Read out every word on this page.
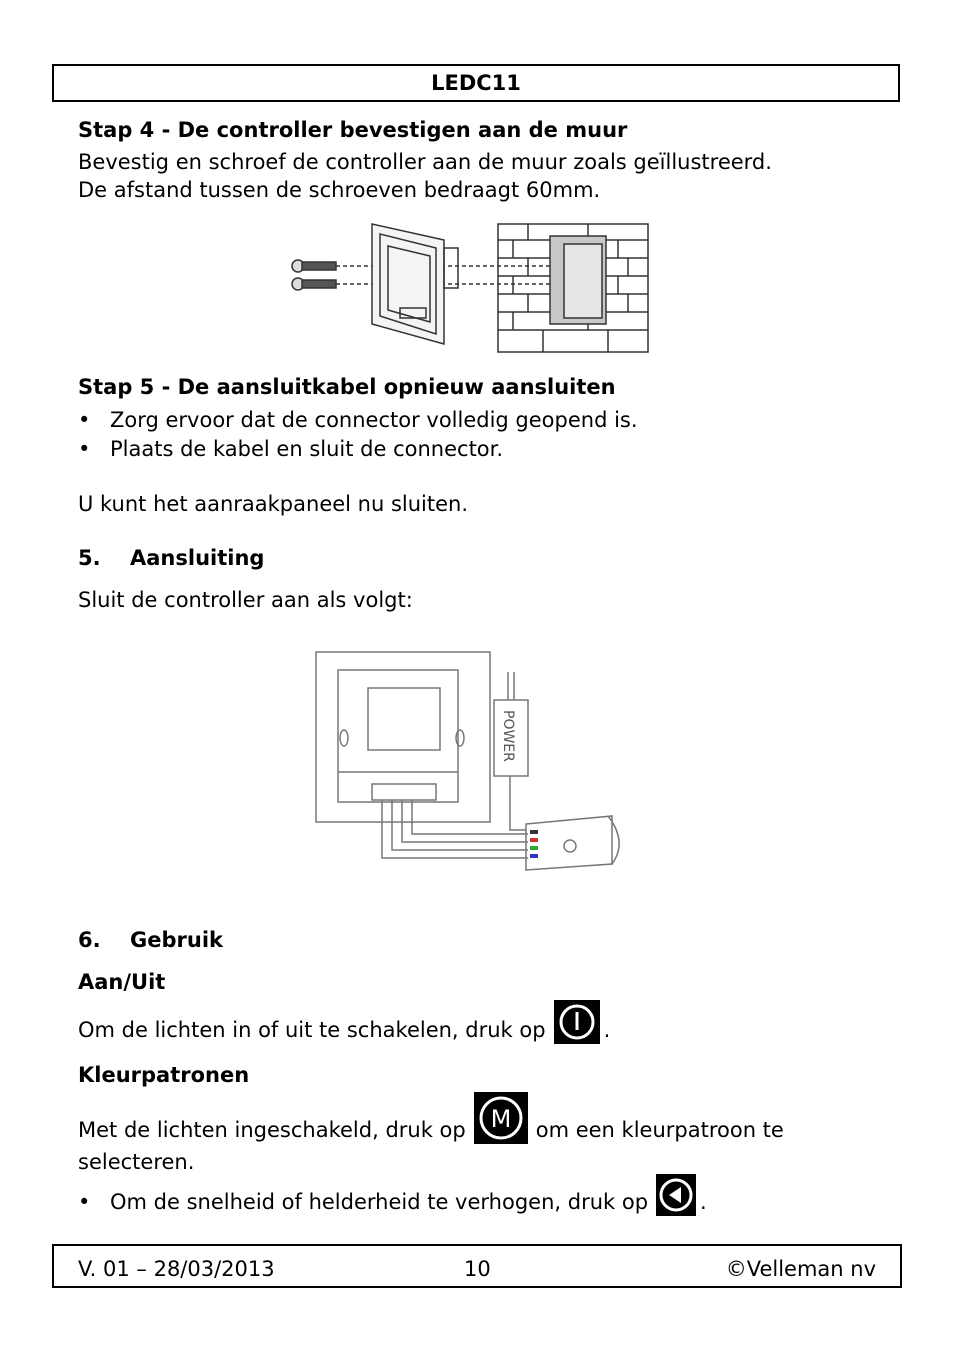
LEDC11
Stap 4 - De controller bevestigen aan de muur
Bevestig en schroef de controller aan de muur zoals geïllustreerd.
De afstand tussen de schroeven bedraagt 60mm.
Stap 5 - De aansluitkabel opnieuw aansluiten
• Zorg ervoor dat de connector volledig geopend is.
• Plaats de kabel en sluit de connector.
U kunt het aanraakpaneel nu sluiten.
5. Aansluiting
Sluit de controller aan als volgt:
POWER
6. Gebruik
Aan/Uit
Om de lichten in of uit te schakelen, druk op	.
Kleurpatronen
Met de lichten ingeschakeld, druk op M om een kleurpatroon te
selecteren.
• Om de snelheid of helderheid te verhogen, druk op .
V. 01 – 28/03/2013	10	©Velleman nv
